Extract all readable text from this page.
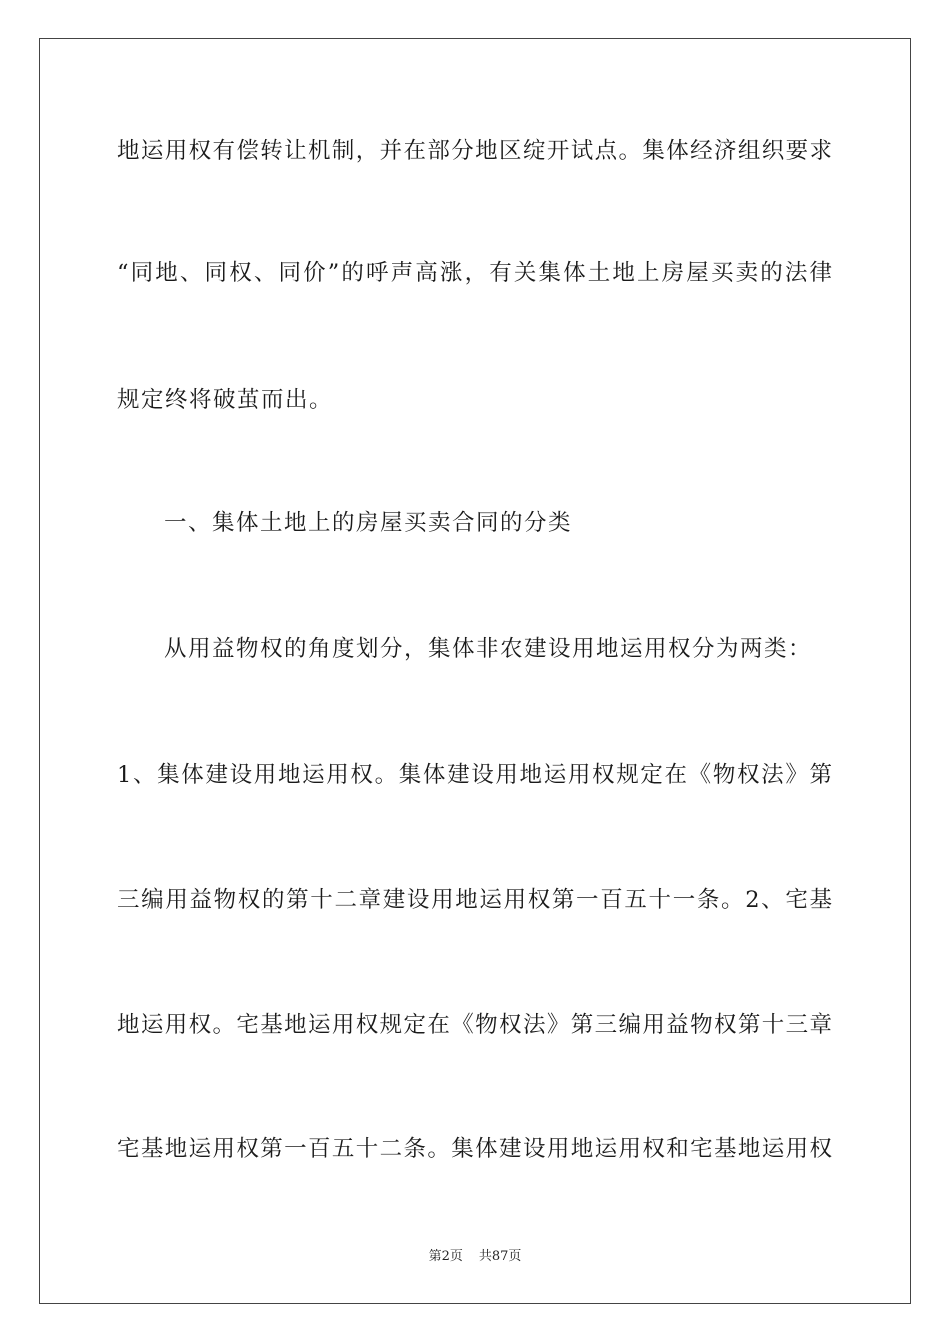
地运用权有偿转让机制，并在部分地区绽开试点。集体经济组织要求
“同地、同权、同价”的呼声高涨，有关集体土地上房屋买卖的法律
规定终将破茧而出。
一、集体土地上的房屋买卖合同的分类
从用益物权的角度划分，集体非农建设用地运用权分为两类：
1、集体建设用地运用权。集体建设用地运用权规定在《物权法》第
三编用益物权的第十二章建设用地运用权第一百五十一条。2、宅基
地运用权。宅基地运用权规定在《物权法》第三编用益物权第十三章
宅基地运用权第一百五十二条。集体建设用地运用权和宅基地运用权
第2页 共87页
